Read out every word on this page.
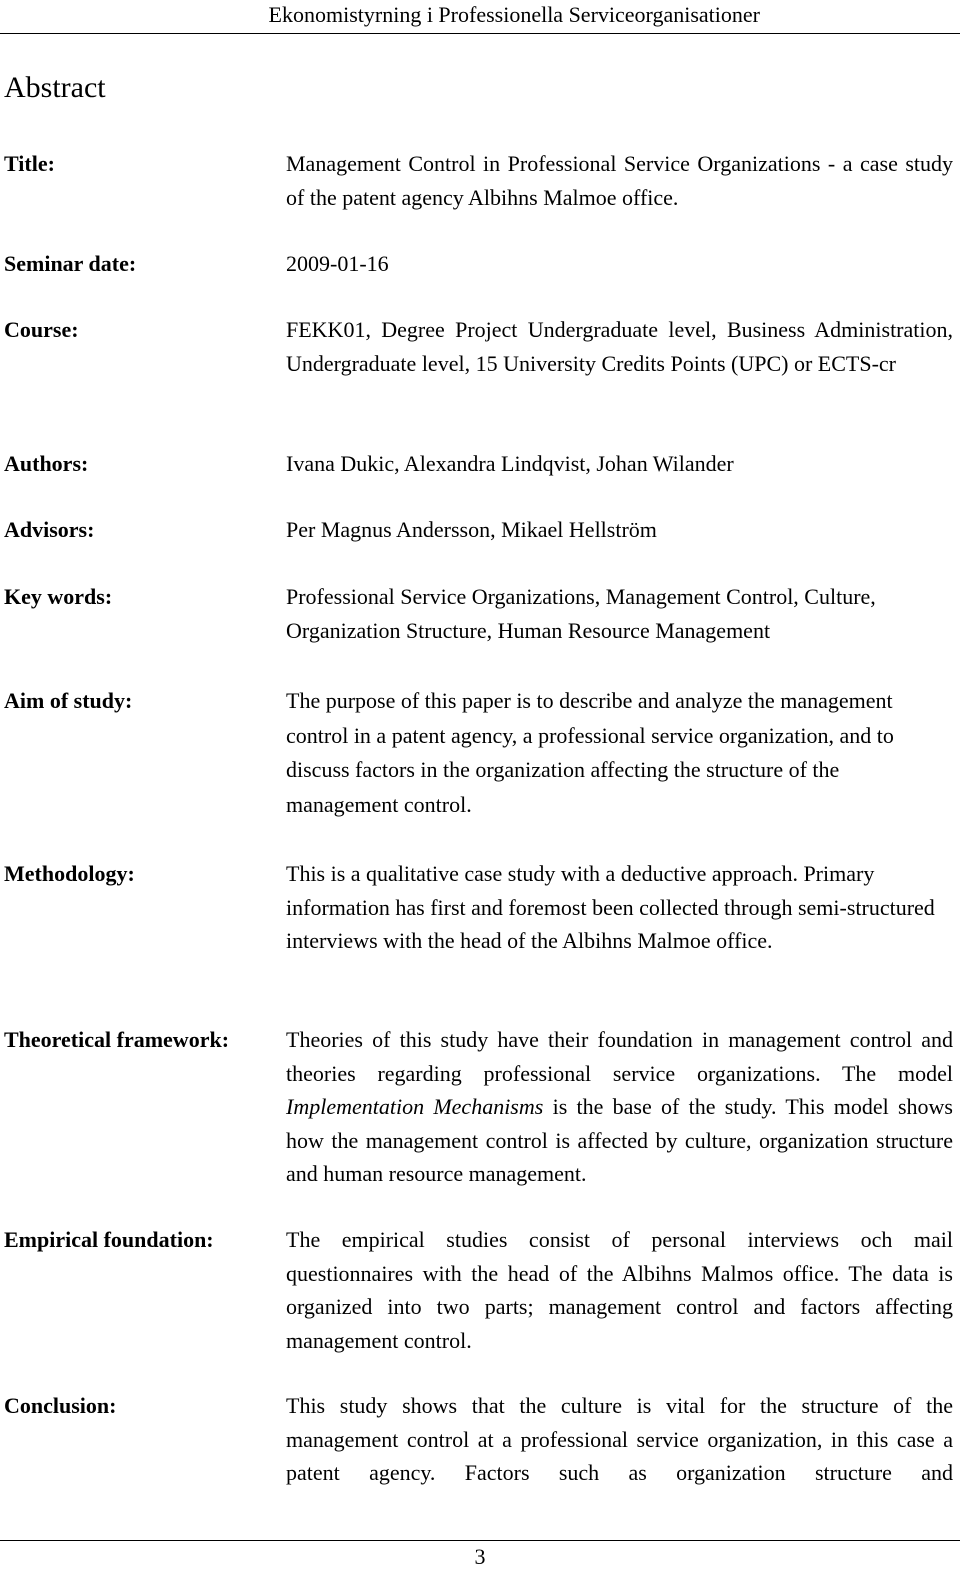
Ekonomistyrning i Professionella Serviceorganisationer
Abstract
Title:	Management Control in Professional Service Organizations - a case study of the patent agency Albihns Malmoe office.
Seminar date:	2009-01-16
Course:	FEKK01, Degree Project Undergraduate level, Business Administration, Undergraduate level, 15 University Credits Points (UPC) or ECTS-cr
Authors:	Ivana Dukic, Alexandra Lindqvist, Johan Wilander
Advisors:	Per Magnus Andersson, Mikael Hellström
Key words:	Professional Service Organizations, Management Control, Culture, Organization Structure, Human Resource Management
Aim of study:	The purpose of this paper is to describe and analyze the management control in a patent agency, a professional service organization, and to discuss factors in the organization affecting the structure of the management control.
Methodology:	This is a qualitative case study with a deductive approach. Primary information has first and foremost been collected through semi-structured interviews with the head of the Albihns Malmoe office.
Theoretical framework:	Theories of this study have their foundation in management control and theories regarding professional service organizations. The model Implementation Mechanisms is the base of the study. This model shows how the management control is affected by culture, organization structure and human resource management.
Empirical foundation:	The empirical studies consist of personal interviews och mail questionnaires with the head of the Albihns Malmos office. The data is organized into two parts; management control and factors affecting management control.
Conclusion:	This study shows that the culture is vital for the structure of the management control at a professional service organization, in this case a patent agency. Factors such as organization structure and
3
